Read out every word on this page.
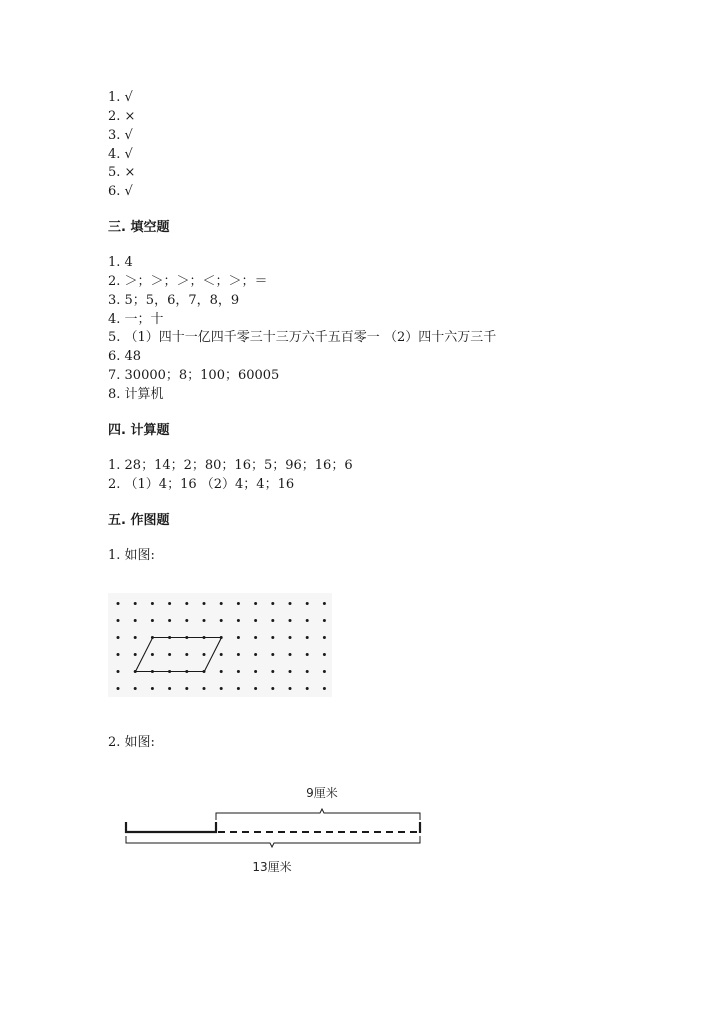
1. √
2. ×
3. √
4. √
5. ×
6. √
三. 填空题
1. 4
2. ＞；＞；＞；＜；＞；＝
3. 5；5，6，7，8，9
4. 一；十
5. （1）四十一亿四千零三十三万六千五百零一 （2）四十六万三千
6. 48
7. 30000；8；100；60005
8. 计算机
四. 计算题
1. 28；14；2；80；16；5；96；16；6
2. （1）4；16 （2）4；4；16
五. 作图题
1. 如图:
2. 如图:
9厘米
13厘米
